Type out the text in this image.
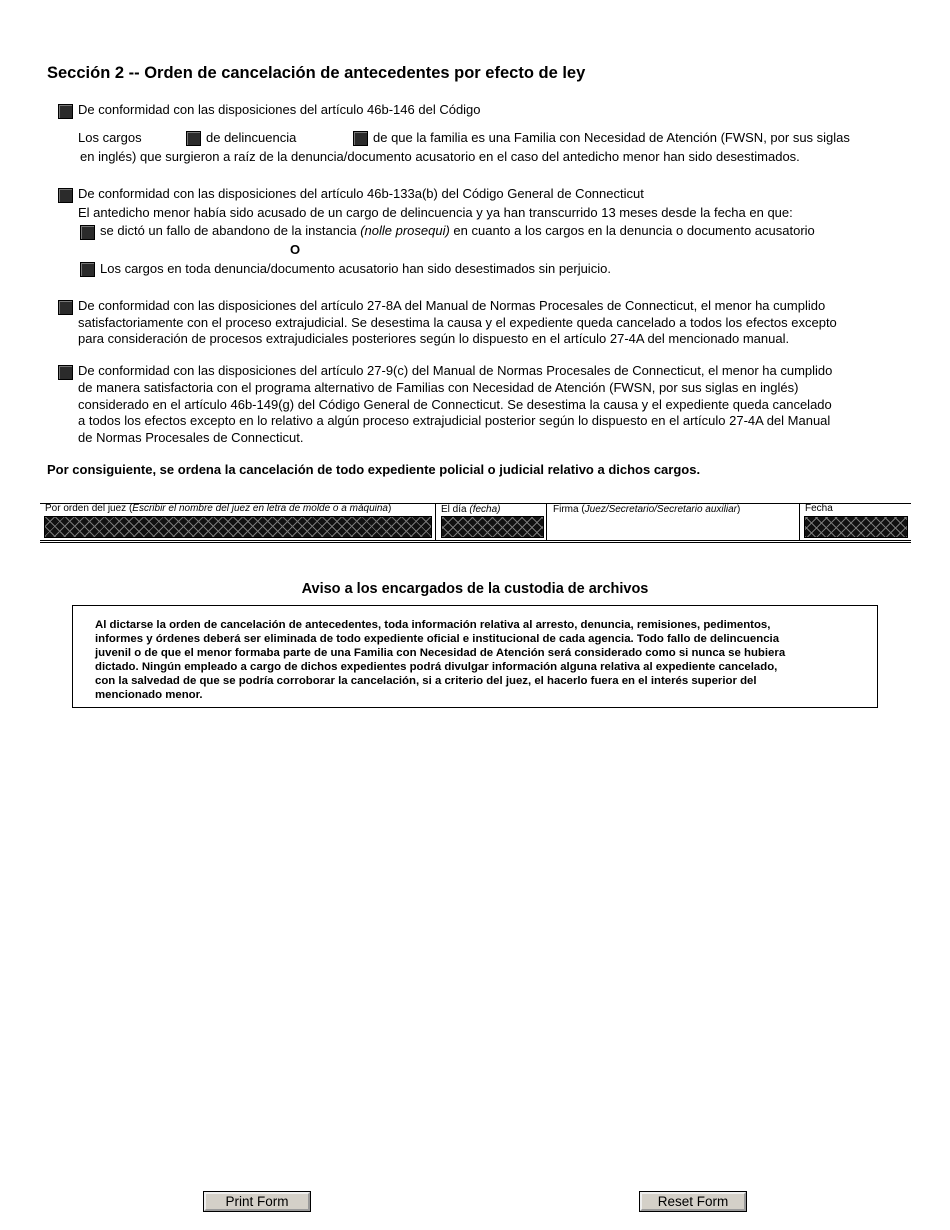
Sección 2 -- Orden de cancelación de antecedentes por efecto de ley
De conformidad con las disposiciones del artículo 46b-146 del Código
Los cargos	de delincuencia	de que la familia es una Familia con Necesidad de Atención (FWSN, por sus siglas
en inglés) que surgieron a raíz de la denuncia/documento acusatorio en el caso del antedicho menor han sido desestimados.
De conformidad con las disposiciones del artículo 46b-133a(b) del Código General de Connecticut
El antedicho menor había sido acusado de un cargo de delincuencia y ya han transcurrido 13 meses desde la fecha en que:
se dictó un fallo de abandono de la instancia (nolle prosequi) en cuanto a los cargos en la denuncia o documento acusatorio
O
Los cargos en toda denuncia/documento acusatorio han sido desestimados sin perjuicio.
De conformidad con las disposiciones del artículo 27-8A del Manual de Normas Procesales de Connecticut, el menor ha cumplido
satisfactoriamente con el proceso extrajudicial. Se desestima la causa y el expediente queda cancelado a todos los efectos excepto
para consideración de procesos extrajudiciales posteriores según lo dispuesto en el artículo 27-4A del mencionado manual.
De conformidad con las disposiciones del artículo 27-9(c) del Manual de Normas Procesales de Connecticut, el menor ha cumplido
de manera satisfactoria con el programa alternativo de Familias con Necesidad de Atención (FWSN, por sus siglas en inglés)
considerado en el artículo 46b-149(g) del Código General de Connecticut. Se desestima la causa y el expediente queda cancelado
a todos los efectos excepto en lo relativo a algún proceso extrajudicial posterior según lo dispuesto en el artículo 27-4A del Manual
de Normas Procesales de Connecticut.
Por consiguiente, se ordena la cancelación de todo expediente policial o judicial relativo a dichos cargos.
Por orden del juez (Escribir el nombre del juez en letra de molde o a máquina)	El día (fecha)	Firma (Juez/Secretario/Secretario auxiliar)	Fecha
Aviso a los encargados de la custodia de archivos
Al dictarse la orden de cancelación de antecedentes, toda información relativa al arresto, denuncia, remisiones, pedimentos,
informes y órdenes deberá ser eliminada de todo expediente oficial e institucional de cada agencia. Todo fallo de delincuencia
juvenil o de que el menor formaba parte de una Familia con Necesidad de Atención será considerado como si nunca se hubiera
dictado. Ningún empleado a cargo de dichos expedientes podrá divulgar información alguna relativa al expediente cancelado,
con la salvedad de que se podría corroborar la cancelación, si a criterio del juez, el hacerlo fuera en el interés superior del
mencionado menor.
Print Form	Reset Form
